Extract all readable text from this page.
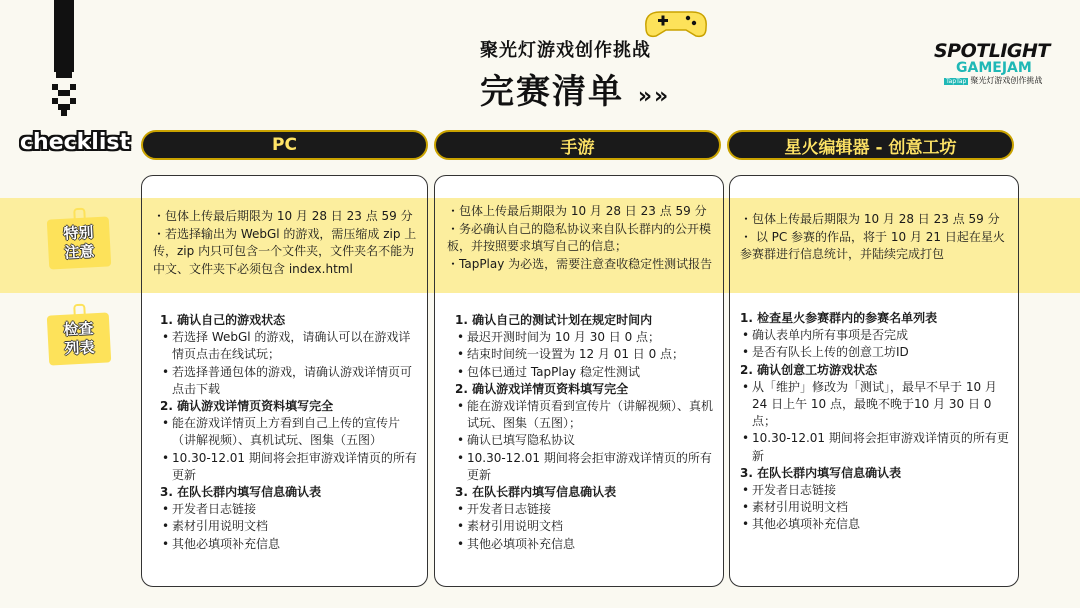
checklist
聚光灯游戏创作挑战
完赛清单 »»
SPOTLIGHT
GAMEJAM
TapTap 聚光灯游戏创作挑战
PC	手游	星火编辑器 - 创意工坊
特别
注意
检查
列表

・包体上传最后期限为 10 月 28 日 23 点 59 分

・若选择输出为 WebGl 的游戏，需压缩成 zip 上传，zip 内只可包含一个文件夹，文件夹名不能为中文、文件夹下必须包含 index.html

・包体上传最后期限为 10 月 28 日 23 点 59 分

・务必确认自己的隐私协议来自队长群内的公开模板，并按照要求填写自己的信息；

・TapPlay 为必选，需要注意查收稳定性测试报告

・包体上传最后期限为 10 月 28 日 23 点 59 分

・ 以 PC 参赛的作品，将于 10 月 21 日起在星火参赛群进行信息统计，并陆续完成打包

1. 确认自己的游戏状态

• 若选择 WebGl 的游戏，请确认可以在游戏详情页点击在线试玩；

• 若选择普通包体的游戏，请确认游戏详情页可点击下载

2. 确认游戏详情页资料填写完全

• 能在游戏详情页上方看到自己上传的宣传片（讲解视频）、真机试玩、图集（五图）

• 10.30-12.01 期间将会拒审游戏详情页的所有更新

3. 在队长群内填写信息确认表

• 开发者日志链接

• 素材引用说明文档

• 其他必填项补充信息

1. 确认自己的测试计划在规定时间内

• 最迟开测时间为 10 月 30 日 0 点；

• 结束时间统一设置为 12 月 01 日 0 点；

• 包体已通过 TapPlay 稳定性测试

2. 确认游戏详情页资料填写完全

• 能在游戏详情页看到宣传片（讲解视频）、真机试玩、图集（五图）；

• 确认已填写隐私协议

• 10.30-12.01 期间将会拒审游戏详情页的所有更新

3. 在队长群内填写信息确认表

• 开发者日志链接

• 素材引用说明文档

• 其他必填项补充信息

1. 检查星火参赛群内的参赛名单列表

• 确认表单内所有事项是否完成

• 是否有队长上传的创意工坊ID

2. 确认创意工坊游戏状态

• 从「维护」修改为「测试」，最早不早于 10 月 24 日上午 10 点，最晚不晚于10 月 30 日 0点；

• 10.30-12.01 期间将会拒审游戏详情页的所有更新

3. 在队长群内填写信息确认表

• 开发者日志链接

• 素材引用说明文档

• 其他必填项补充信息
